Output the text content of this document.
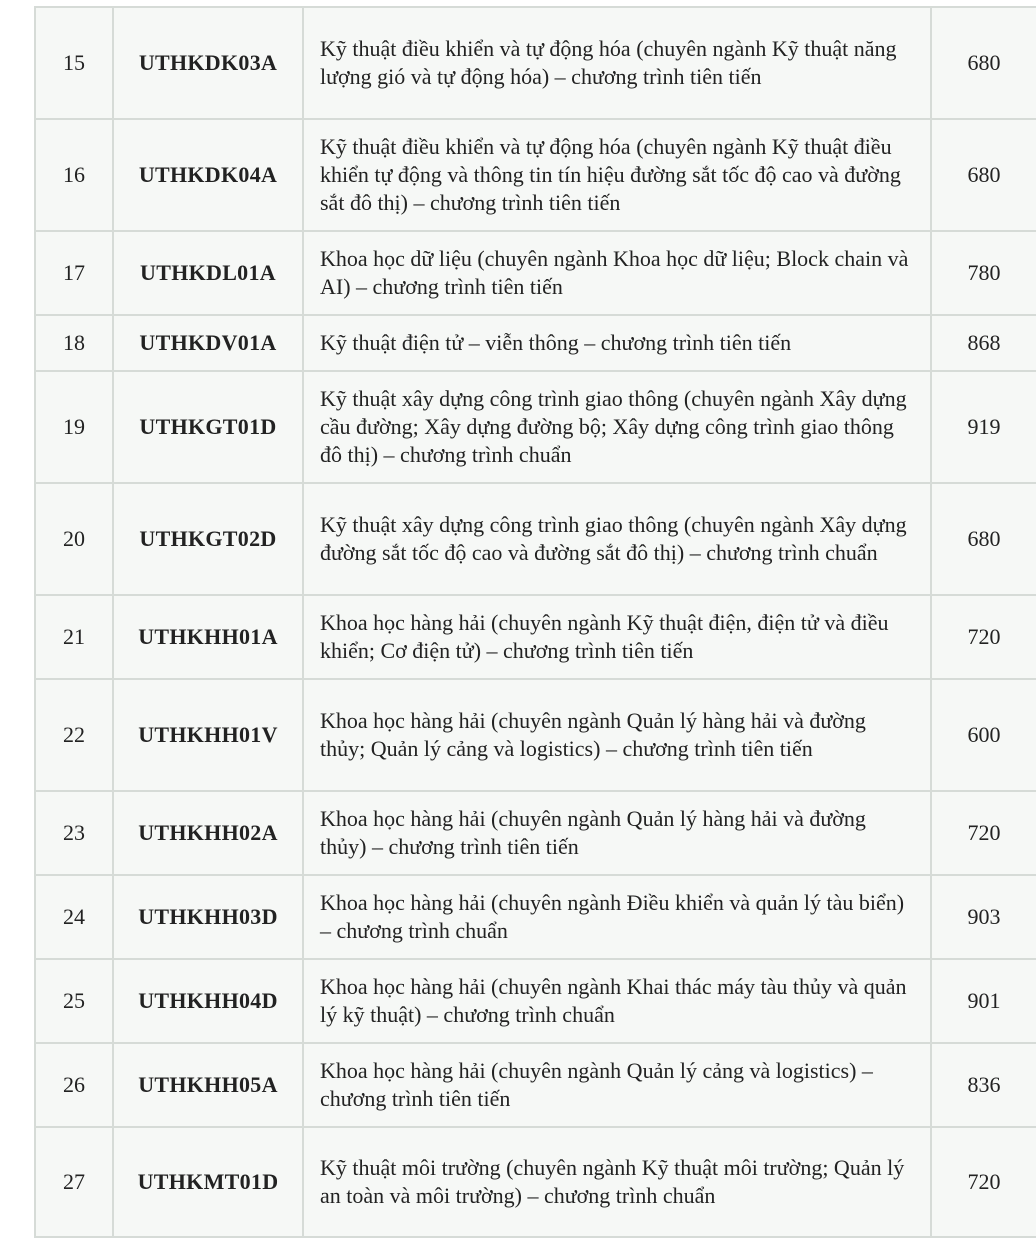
15	UTHKDK03A	Kỹ thuật điều khiển và tự động hóa (chuyên ngành Kỹ thuật năng lượng gió và tự động hóa) – chương trình tiên tiến	680
16	UTHKDK04A	Kỹ thuật điều khiển và tự động hóa (chuyên ngành Kỹ thuật điều khiển tự động và thông tin tín hiệu đường sắt tốc độ cao và đường sắt đô thị) – chương trình tiên tiến	680
17	UTHKDL01A	Khoa học dữ liệu (chuyên ngành Khoa học dữ liệu; Block chain và AI) – chương trình tiên tiến	780
18	UTHKDV01A	Kỹ thuật điện tử – viễn thông – chương trình tiên tiến	868
19	UTHKGT01D	Kỹ thuật xây dựng công trình giao thông (chuyên ngành Xây dựng cầu đường; Xây dựng đường bộ; Xây dựng công trình giao thông đô thị) – chương trình chuẩn	919
20	UTHKGT02D	Kỹ thuật xây dựng công trình giao thông (chuyên ngành Xây dựng đường sắt tốc độ cao và đường sắt đô thị) – chương trình chuẩn	680
21	UTHKHH01A	Khoa học hàng hải (chuyên ngành Kỹ thuật điện, điện tử và điều khiển; Cơ điện tử) – chương trình tiên tiến	720
22	UTHKHH01V	Khoa học hàng hải (chuyên ngành Quản lý hàng hải và đường thủy; Quản lý cảng và logistics) – chương trình tiên tiến	600
23	UTHKHH02A	Khoa học hàng hải (chuyên ngành Quản lý hàng hải và đường thủy) – chương trình tiên tiến	720
24	UTHKHH03D	Khoa học hàng hải (chuyên ngành Điều khiển và quản lý tàu biển) – chương trình chuẩn	903
25	UTHKHH04D	Khoa học hàng hải (chuyên ngành Khai thác máy tàu thủy và quản lý kỹ thuật) – chương trình chuẩn	901
26	UTHKHH05A	Khoa học hàng hải (chuyên ngành Quản lý cảng và logistics) – chương trình tiên tiến	836
27	UTHKMT01D	Kỹ thuật môi trường (chuyên ngành Kỹ thuật môi trường; Quản lý an toàn và môi trường) – chương trình chuẩn	720
